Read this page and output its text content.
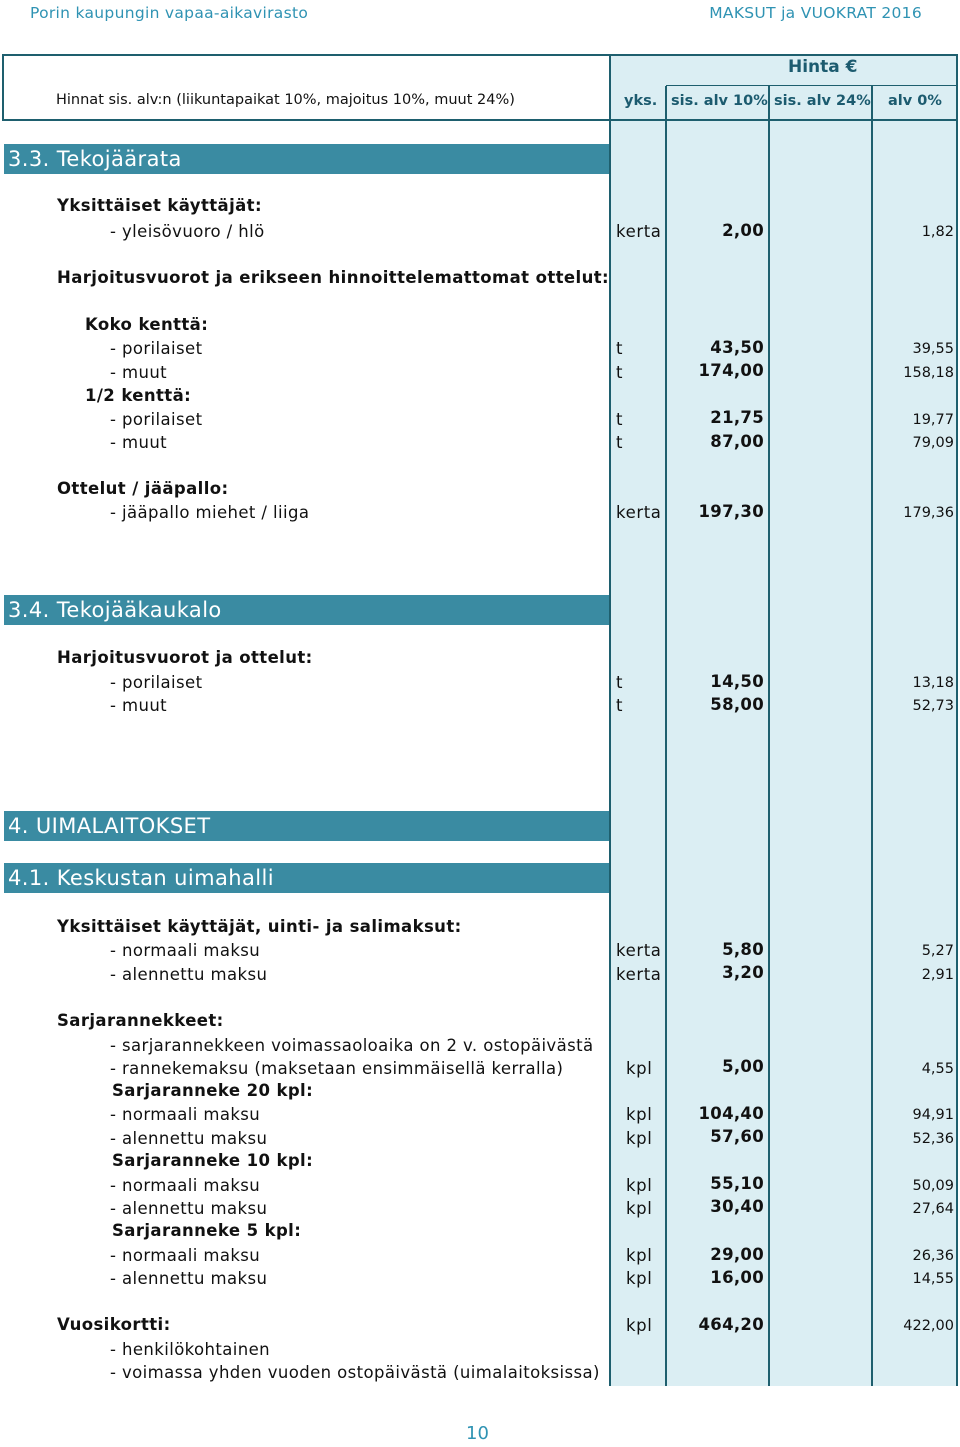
Porin kaupungin vapaa-aikavirasto	MAKSUT ja VUOKRAT 2016
Hinnat sis. alv:n (liikuntapaikat 10%, majoitus 10%, muut 24%)
Hinta €
yks. sis. alv 10% sis. alv 24% alv 0%
3.3. Tekojäärata
Yksittäiset käyttäjät:
- yleisövuoro / hlö	kerta	2,00	1,82
Harjoitusvuorot ja erikseen hinnoittelemattomat ottelut:
Koko kenttä:
- porilaiset	t	43,50	39,55
- muut	t	174,00	158,18
1/2 kenttä:
- porilaiset	t	21,75	19,77
- muut	t	87,00	79,09
Ottelut / jääpallo:
- jääpallo miehet / liiga	kerta	197,30	179,36
3.4. Tekojääkaukalo
Harjoitusvuorot ja ottelut:
- porilaiset	t	14,50	13,18
- muut	t	58,00	52,73
4. UIMALAITOKSET
4.1. Keskustan uimahalli
Yksittäiset käyttäjät, uinti- ja salimaksut:
- normaali maksu	kerta	5,80	5,27
- alennettu maksu	kerta	3,20	2,91
Sarjarannekkeet:
- sarjarannekkeen voimassaoloaika on 2 v. ostopäivästä
- rannekemaksu (maksetaan ensimmäisellä kerralla)	kpl	5,00	4,55
Sarjaranneke 20 kpl:
- normaali maksu	kpl	104,40	94,91
- alennettu maksu	kpl	57,60	52,36
Sarjaranneke 10 kpl:
- normaali maksu	kpl	55,10	50,09
- alennettu maksu	kpl	30,40	27,64
Sarjaranneke 5 kpl:
- normaali maksu	kpl	29,00	26,36
- alennettu maksu	kpl	16,00	14,55
Vuosikortti:	kpl	464,20	422,00
- henkilökohtainen
- voimassa yhden vuoden ostopäivästä (uimalaitoksissa)
10
